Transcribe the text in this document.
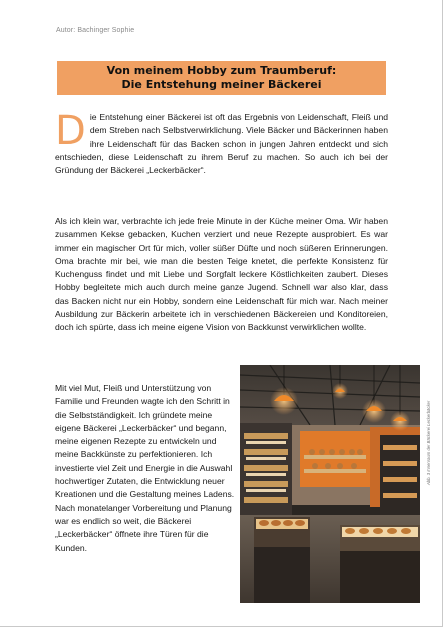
Autor: Bachinger Sophie
Von meinem Hobby zum Traumberuf:
Die Entstehung meiner Bäckerei

Die Entstehung einer Bäckerei ist oft das Ergebnis von Leidenschaft, Fleiß und dem Streben nach Selbstverwirklichung. Viele Bäcker und Bäckerinnen haben ihre Leidenschaft für das Backen schon in jungen Jahren entdeckt und sich entschieden, diese Leidenschaft zu ihrem Beruf zu machen. So auch ich bei der Gründung der Bäckerei „Leckerbäcker“.

Als ich klein war, verbrachte ich jede freie Minute in der Küche meiner Oma. Wir haben zusammen Kekse gebacken, Kuchen verziert und neue Rezepte ausprobiert. Es war immer ein magischer Ort für mich, voller süßer Düfte und noch süßeren Erinnerungen. Oma brachte mir bei, wie man die besten Teige knetet, die perfekte Konsistenz für Kuchenguss findet und mit Liebe und Sorgfalt leckere Köstlichkeiten zaubert. Dieses Hobby begleitete mich auch durch meine ganze Jugend. Schnell war also klar, dass das Backen nicht nur ein Hobby, sondern eine Leidenschaft für mich war. Nach meiner Ausbildung zur Bäckerin arbeitete ich in verschiedenen Bäckereien und Konditoreien, doch ich spürte, dass ich meine eigene Vision von Backkunst verwirklichen wollte.

Mit viel Mut, Fleiß und Unterstützung von Familie und Freunden wagte ich den Schritt in die Selbstständigkeit. Ich gründete meine eigene Bäckerei „Leckerbäcker“ und begann, meine eigenen Rezepte zu entwickeln und meine Backkünste zu perfektionieren. Ich investierte viel Zeit und Energie in die Auswahl hochwertiger Zutaten, die Entwicklung neuer Kreationen und die Gestaltung meines Ladens. Nach monatelanger Vorbereitung und Planung war es endlich so weit, die Bäckerei „Leckerbäcker“ öffnete ihre Türen für die Kunden.

Abb. 3 Innenraum der Bäckerei Leckerbäcker
